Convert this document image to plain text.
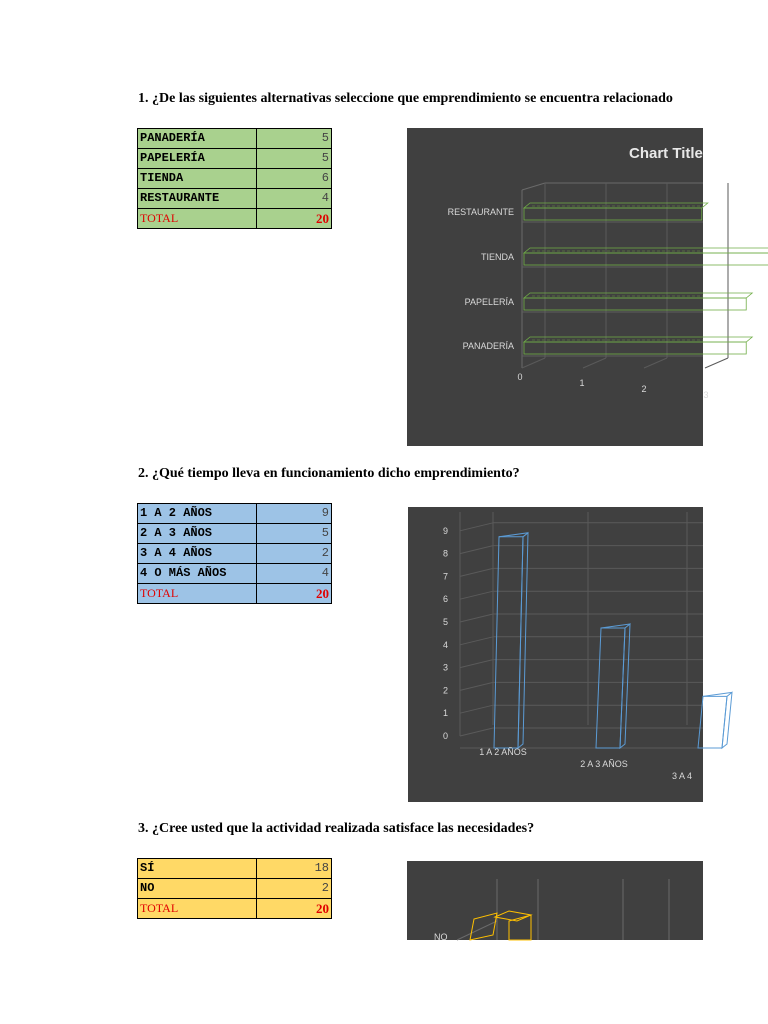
1. ¿De las siguientes alternativas seleccione que emprendimiento se encuentra relacionado
PANADERÍA	5
PAPELERÍA	5
TIENDA	6
RESTAURANTE	4
TOTAL	20
0
1
2
3
PANADERÍA
PAPELERÍA
TIENDA
RESTAURANTE
Chart Title
2. ¿Qué tiempo lleva en funcionamiento dicho emprendimiento?
1 A 2 AÑOS	9
2 A 3 AÑOS	5
3 A 4 AÑOS	2
4 O MÁS AÑOS	4
TOTAL	20
0
1
2
3
4
5
6
7
8
9
1 A 2 AÑOS
2 A 3 AÑOS
3 A 4
3. ¿Cree usted que la actividad realizada satisface las necesidades?
SÍ	18
NO	2
TOTAL	20
NO
